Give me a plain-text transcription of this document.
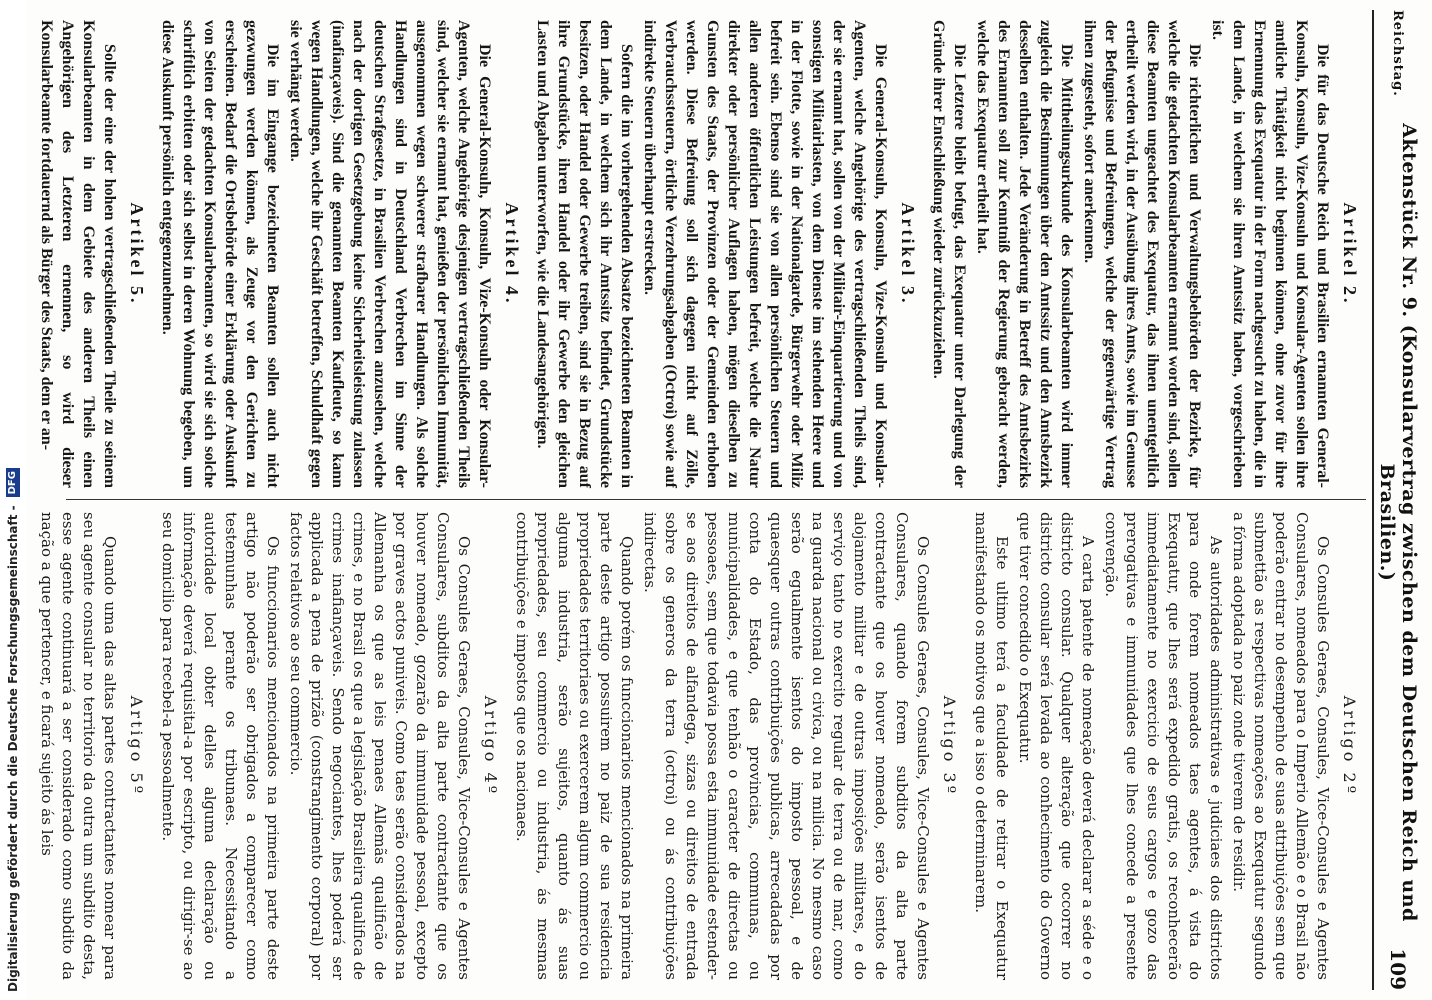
Digitalisierung gefördert durch die Deutsche Forschungsgemeinschaft -
DFG
Reichstag.
Aktenstück Nr. 9. (Konsularvertrag zwischen dem Deutschen Reich und Brasilien.)
109
Artikel 2.

Die für das Deutsche Reich und Brasilien ernannten General-Konsuln, Konsuln, Vize-Konsuln und Konsular-Agenten sollen ihre amtliche Thätigkeit nicht beginnen können, ohne zuvor für ihre Ernennung das Exequatur in der Form nachgesucht zu haben, die in dem Lande, in welchem sie ihren Amtssitz haben, vorgeschrieben ist.

Die richterlichen und Verwaltungsbehörden der Bezirke, für welche die gedachten Konsularbeamten ernannt worden sind, sollen diese Beamten ungeachtet des Exequatur, das ihnen unentgeltlich ertheilt werden wird, in der Ausübung ihres Amts, sowie im Genusse der Befugnisse und Befreiungen, welche der gegenwärtige Vertrag ihnen zugesteht, sofort anerkennen.

Die Mittheilungsurkunde des Konsularbeamten wird immer zugleich die Bestimmungen über den Amtssitz und den Amtsbezirk desselben enthalten. Jede Veränderung in Betreff des Amtsbezirks des Ernannten soll zur Kenntniß der Regierung gebracht werden, welche das Exequatur ertheilt hat.

Die Letztere bleibt befugt, das Exequatur unter Darlegung der Gründe ihrer Entschließung wieder zurückzuziehen.

Artikel 3.

Die General-Konsuln, Konsuln, Vize-Konsuln und Konsular-Agenten, welche Angehörige des vertragschließenden Theils sind, der sie ernannt hat, sollen von der Militair-Einquartierung und von sonstigen Militairlasten, von dem Dienste im stehenden Heere und in der Flotte, sowie in der Nationalgarde, Bürgerwehr oder Miliz befreit sein. Ebenso sind sie von allen persönlichen Steuern und allen anderen öffentlichen Leistungen befreit, welche die Natur direkter oder persönlicher Auflagen haben, mögen dieselben zu Gunsten des Staats, der Provinzen oder der Gemeinden erhoben werden. Diese Befreiung soll sich dagegen nicht auf Zölle, Verbrauchssteuern, örtliche Verzehrungsabgaben (Octroi) sowie auf indirekte Steuern überhaupt erstrecken.

Sofern die im vorhergehenden Absatze bezeichneten Beamten in dem Lande, in welchem sich ihr Amtssitz befindet, Grundstücke besitzen, oder Handel oder Gewerbe treiben, sind sie in Bezug auf ihre Grundstücke, ihren Handel oder ihr Gewerbe den gleichen Lasten und Abgaben unterworfen, wie die Landesangehörigen.

Artikel 4.

Die General-Konsuln, Konsuln, Vize-Konsuln oder Konsular-Agenten, welche Angehörige desjenigen vertragschließenden Theils sind, welcher sie ernannt hat, genießen der persönlichen Immunität, ausgenommen wegen schwerer strafbarer Handlungen. Als solche Handlungen sind in Deutschland Verbrechen im Sinne der deutschen Strafgesetze, in Brasilien Verbrechen anzusehen, welche nach der dortigen Gesetzgebung keine Sicherheitsleistung zulassen (inafiançaveis). Sind die genannten Beamten Kaufleute, so kann wegen Handlungen, welche ihr Geschäft betreffen, Schuldhaft gegen sie verhängt werden.

Die im Eingange bezeichneten Beamten sollen auch nicht gezwungen werden können, als Zeuge vor den Gerichten zu erscheinen. Bedarf die Ortsbehörde einer Erklärung oder Auskunft von Seiten der gedachten Konsularbeamten, so wird sie sich solche schriftlich erbitten oder sich selbst in deren Wohnung begeben, um diese Auskunft persönlich entgegenzunehmen.

Artikel 5.

Sollte der eine der hohen vertragschließenden Theile zu seinem Konsularbeamten in dem Gebiete des anderen Theils einen Angehörigen des Letzteren ernennen, so wird dieser Konsularbeamte fortdauernd als Bürger des Staats, dem er an-

Artigo 2º

Os Consules Geraes, Consules, Vice-Consules e Agentes Consulares, nomeados para o Imperio Allemão e o Brasil não poderão entrar no desempenho de suas attribuições sem que submettão as respectivas nomeações ao Exequatur segundo a fórma adoptada no paiz onde tiverem de residir.

As autoridades administrativas e judiciaes dos districtos para onde forem nomeados taes agentes, á vista do Exequatur, que lhes será expedido gratis, os reconhecerão immediatamente no exercicio de seus cargos e gozo das prerogativas e immunidades que lhes concede a presente convenção.

A carta patente de nomeação deverá declarar a séde e o districto consular. Qualquer alteração que occorrer no districto consular será levada ao conhecimento do Governo que tiver concedido o Exequatur.

Este ultimo terá a faculdade de retirar o Exequatur manifestando os motivos que a isso o determinarem.

Artigo 3º

Os Consules Geraes, Consules, Vice-Consules e Agentes Consulares, quando forem subditos da alta parte contractante que os houver nomeado, serão isentos de alojamento militar e de outras imposições militares, e do serviço tanto no exercito regular de terra ou de mar, como na guarda nacional ou civica, ou na milicia. No mesmo caso serão egualmente isentos do imposto pessoal, e de quaesquer outras contribuições publicas, arrecadadas por conta do Estado, das provincias, communas, ou municipalidades, e que tenhão o caracter de directas ou pessoaes, sem que todavia possa esta immunidade estender-se aos direitos de alfandega, sizas ou direitos de entrada sobre os generos da terra (octroi) ou ás contribuições indirectas.

Quando porém os funccionarios mencionados na primeira parte deste artigo possuirem no paiz de sua residencia propriedades territoriaes ou exercerem algum commercio ou alguma industria, serão sujeitos, quanto ás suas propriedades, seu commercio ou industria, ás mesmas contribuições e impostos que os nacionaes.

Artigo 4º

Os Consules Geraes, Consules, Vice-Consules e Agentes Consulares, subditos da alta parte contractante que os houver nomeado, gozarão da immunidade pessoal, excepto por graves actos puniveis. Como taes serão considerados na Allemanha os que as leis penaes Allemãs qualificão de crimes, e no Brasil os que a legislação Brasileira qualifica de crimes inafiançaveis. Sendo negociantes, lhes poderá ser applicada a pena de prizão (constrangimento corporal) por factos relativos ao seu commercio.

Os funccionarios mencionados na primeira parte deste artigo não poderão ser obrigados a comparecer como testemunhas perante os tribunaes. Necessitando a autoridade local obter delles alguma declaração ou informação deverá requisital-a por escripto, ou dirigir-se ao seu domicilio para recebel-a pessoalmente.

Artigo 5º

Quando uma das altas partes contractantes nomear para seu agente consular no territorio da outra um subdito desta, esse agente continuará a ser considerado como subdito da nação a que pertencer, e ficará sujeito ás leis
